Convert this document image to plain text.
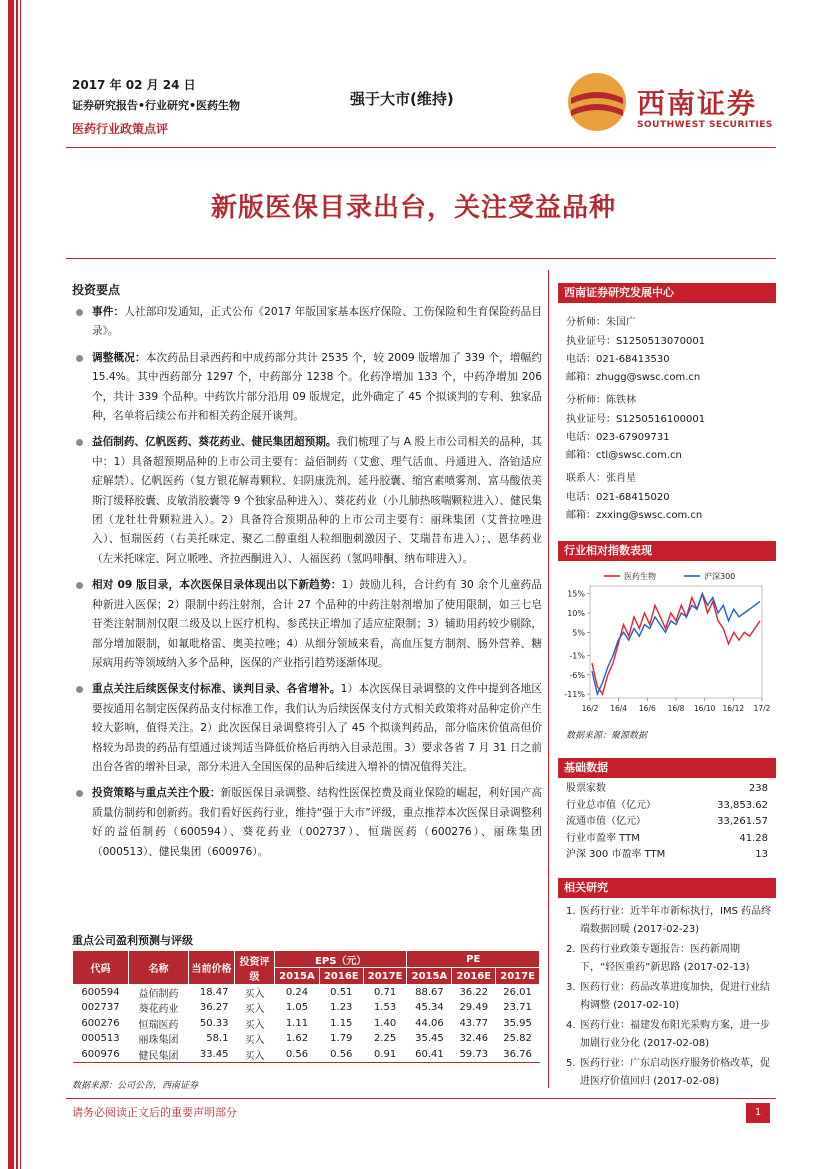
2017 年 02 月 24 日
证券研究报告•行业研究•医药生物
医药行业政策点评
强于大市(维持)	西南证券
SOUTHWEST SECURITIES
新版医保目录出台，关注受益品种
投资要点
事件：人社部印发通知，正式公布《2017 年版国家基本医疗保险、工伤保险和生育保险药品目录》。
调整概况：本次药品目录西药和中成药部分共计 2535 个，较 2009 版增加了 339 个，增幅约 15.4%。其中西药部分 1297 个，中药部分 1238 个。化药净增加 133 个，中药净增加 206 个，共计 339 个品种。中药饮片部分沿用 09 版规定，此外确定了 45 个拟谈判的专利、独家品种，名单将后续公布并和相关药企展开谈判。
益佰制药、亿帆医药、葵花药业、健民集团超预期。我们梳理了与 A 股上市公司相关的品种，其中：1）具备超预期品种的上市公司主要有：益佰制药（艾愈、理气活血、丹通进入、洛铂适应症解禁）、亿帆医药（复方银花解毒颗粒、妇阴康洗剂、延丹胶囊、缩宫素喷雾剂、富马酸依美斯汀缓释胶囊、皮敏消胶囊等 9 个独家品种进入）、葵花药业（小儿肺热咳喘颗粒进入）、健民集团（龙牡壮骨颗粒进入）。2）具备符合预期品种的上市公司主要有：丽珠集团（艾普拉唑进入）、恒瑞医药（右美托咪定、聚乙二醇重组人粒细胞刺激因子、艾瑞昔布进入）；、恩华药业（左米托咪定、阿立哌唑、齐拉西酮进入）、人福医药（氢吗啡酮、纳布啡进入）。
相对 09 版目录，本次医保目录体现出以下新趋势：1）鼓励儿科，合计约有 30 余个儿童药品种新进入医保；2）限制中药注射剂，合计 27 个品种的中药注射剂增加了使用限制，如三七皂苷类注射制剂仅限二级及以上医疗机构、参芪扶正增加了适应症限制；3）辅助用药较少剔除，部分增加限制，如氟吡格雷、奥美拉唑；4）从细分领域来看，高血压复方制剂、肠外营养、糖尿病用药等领域纳入多个品种，医保的产业指引趋势逐渐体现。
重点关注后续医保支付标准、谈判目录、各省增补。1）本次医保目录调整的文件中提到各地区要按通用名制定医保药品支付标准工作，我们认为后续医保支付方式相关政策将对品种定价产生较大影响，值得关注。2）此次医保目录调整将引入了 45 个拟谈判药品，部分临床价值高但价格较为昂贵的药品有望通过谈判适当降低价格后再纳入目录范围。3）要求各省 7 月 31 日之前出台各省的增补目录，部分未进入全国医保的品种后续进入增补的情况值得关注。
投资策略与重点关注个股：新版医保目录调整、结构性医保控费及商业保险的崛起，利好国产高质量仿制药和创新药。我们看好医药行业，维持“强于大市”评级，重点推荐本次医保目录调整利好的益佰制药（600594）、葵花药业（002737）、恒瑞医药（600276）、丽珠集团（000513）、健民集团（600976）。
重点公司盈利预测与评级
代码	名称	当前价格	投资评级	EPS（元）			PE		
				2015A	2016E	2017E	2015A	2016E	2017E
600594	益佰制药	18.47	买入	0.24	0.51	0.71	88.67	36.22	26.01
002737	葵花药业	36.27	买入	1.05	1.23	1.53	45.34	29.49	23.71
600276	恒瑞医药	50.33	买入	1.11	1.15	1.40	44.06	43.77	35.95
000513	丽珠集团	58.1	买入	1.62	1.79	2.25	35.45	32.46	25.82
600976	健民集团	33.45	买入	0.56	0.56	0.91	60.41	59.73	36.76
数据来源：公司公告，西南证券
西南证券研究发展中心
分析师：朱国广
执业证号：S1250513070001
电话：021-68413530
邮箱：zhugg@swsc.com.cn
分析师：陈铁林
执业证号：S1250516100001
电话：023-67909731
邮箱：ctl@swsc.com.cn
联系人：张肖星
电话：021-68415020
邮箱：zxxing@swsc.com.cn
行业相对指数表现
15%
10%
5%
-1%
-6%
-11%
16/2 16/4 16/6 16/8 16/10 16/12 17/2
医药生物	沪深300
数据来源：聚源数据
基础数据
股票家数	238
行业总市值（亿元）	33,853.62
流通市值（亿元）	33,261.57
行业市盈率 TTM	41.28
沪深 300 市盈率 TTM	13
相关研究
1. 医药行业：近半年市新标执行，IMS 药品终端数据回暖 (2017-02-23)
2. 医药行业政策专题报告：医药新周期下，“轻医重药”新思路 (2017-02-13)
3. 医药行业：药品改革进度加快，促进行业结构调整 (2017-02-10)
4. 医药行业：福建发布阳光采购方案，进一步加剧行业分化 (2017-02-08)
5. 医药行业：广东启动医疗服务价格改革，促进医疗价值回归 (2017-02-08)
请务必阅读正文后的重要声明部分	1
